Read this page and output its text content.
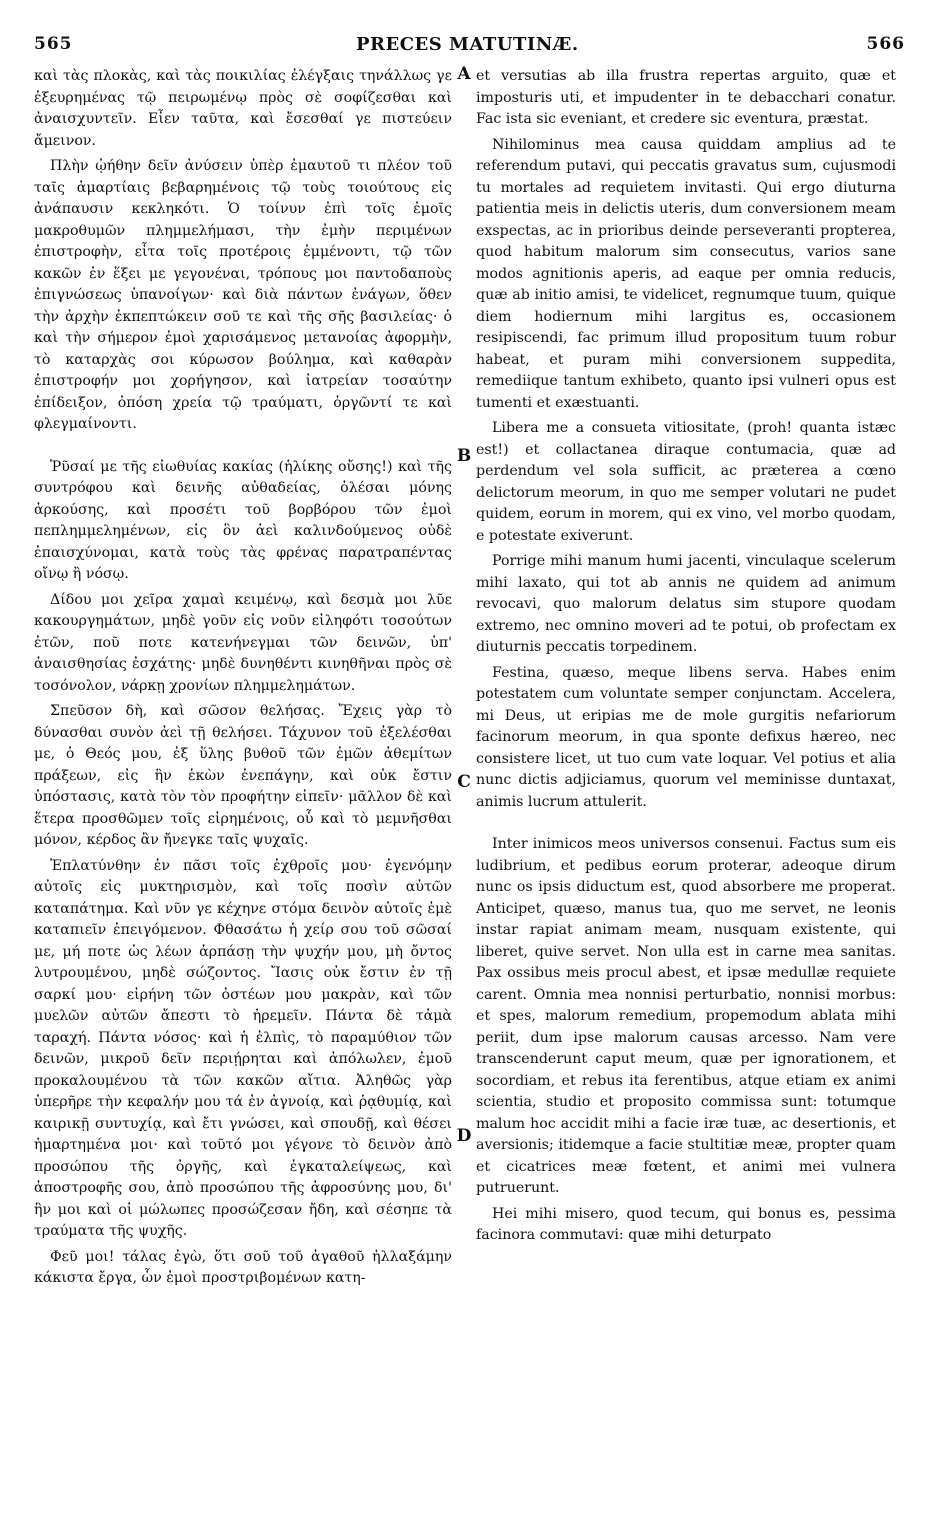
565	PRECES MATUTINÆ.	566

καὶ τὰς πλοκὰς, καὶ τὰς ποικιλίας ἐλέγξαις τηνάλλως γε ἐξευρημένας τῷ πειρωμένῳ πρὸς σὲ σοφίζεσθαι καὶ ἀναισχυντεῖν. Εἶεν ταῦτα, καὶ ἔσεσθαί γε πιστεύειν ἄμεινον.

Πλὴν ᾠήθην δεῖν ἀνύσειν ὑπὲρ ἐμαυτοῦ τι πλέον τοῦ ταῖς ἁμαρτίαις βεβαρημένοις τῷ τοὺς τοιούτους εἰς ἀνάπαυσιν κεκληκότι. Ὁ τοίνυν ἐπὶ τοῖς ἐμοῖς μακροθυμῶν πλημμελήμασι, τὴν ἐμὴν περιμένων ἐπιστροφὴν, εἶτα τοῖς προτέροις ἐμμένοντι, τῷ τῶν κακῶν ἐν ἕξει με γεγονέναι, τρόπους μοι παντοδαποὺς ἐπιγνώσεως ὑπανοίγων· καὶ διὰ πάντων ἐνάγων, ὅθεν τὴν ἀρχὴν ἐκπεπτώκειν σοῦ τε καὶ τῆς σῆς βασιλείας· ὁ καὶ τὴν σήμερον ἐμοὶ χαρισάμενος μετανοίας ἀφορμὴν, τὸ καταρχὰς σοι κύρωσον βούλημα, καὶ καθαρὰν ἐπιστροφήν μοι χορήγησον, καὶ ἰατρείαν τοσαύτην ἐπίδειξον, ὁπόση χρεία τῷ τραύματι, ὀργῶντί τε καὶ φλεγμαίνοντι.

Ῥῦσαί με τῆς εἰωθυίας κακίας (ἡλίκης οὔσης!) καὶ τῆς συντρόφου καὶ δεινῆς αὐθαδείας, ὀλέσαι μόνης ἀρκούσης, καὶ προσέτι τοῦ βορβόρου τῶν ἐμοὶ πεπλημμελημένων, εἰς ὃν ἀεὶ καλινδούμενος οὐδὲ ἐπαισχύνομαι, κατὰ τοὺς τὰς φρένας παρατραπέντας οἴνῳ ἢ νόσῳ.

Δίδου μοι χεῖρα χαμαὶ κειμένῳ, καὶ δεσμὰ μοι λῦε κακουργημάτων, μηδὲ γοῦν εἰς νοῦν εἰληφότι τοσούτων ἐτῶν, ποῦ ποτε κατενήνεγμαι τῶν δεινῶν, ὑπ' ἀναισθησίας ἐσχάτης· μηδὲ δυνηθέντι κινηθῆναι πρὸς σὲ τοσόνολον, νάρκῃ χρονίων πλημμελημάτων.

Σπεῦσον δὴ, καὶ σῶσον θελήσας. Ἔχεις γὰρ τὸ δύνασθαι συνὸν ἀεὶ τῇ θελήσει. Τάχυνον τοῦ ἐξελέσθαι με, ὁ Θεός μου, ἐξ ὕλης βυθοῦ τῶν ἐμῶν ἀθεμίτων πράξεων, εἰς ἣν ἑκὼν ἐνεπάγην, καὶ οὐκ ἔστιν ὑπόστασις, κατὰ τὸν τὸν προφήτην εἰπεῖν· μᾶλλον δὲ καὶ ἕτερα προσθῶμεν τοῖς εἰρημένοις, οὗ καὶ τὸ μεμνῆσθαι μόνον, κέρδος ἂν ἤνεγκε ταῖς ψυχαῖς.

Ἐπλατύνθην ἐν πᾶσι τοῖς ἐχθροῖς μου· ἐγενόμην αὐτοῖς εἰς μυκτηρισμὸν, καὶ τοῖς ποσὶν αὐτῶν καταπάτημα. Καὶ νῦν γε κέχηνε στόμα δεινὸν αὐτοῖς ἐμὲ καταπιεῖν ἐπειγόμενον. Φθασάτω ἡ χείρ σου τοῦ σῶσαί με, μή ποτε ὡς λέων ἁρπάσῃ τὴν ψυχήν μου, μὴ ὄντος λυτρουμένου, μηδὲ σώζοντος. Ἴασις οὐκ ἔστιν ἐν τῇ σαρκί μου· εἰρήνη τῶν ὀστέων μου μακρὰν, καὶ τῶν μυελῶν αὐτῶν ἄπεστι τὸ ἠρεμεῖν. Πάντα δὲ τἀμὰ ταραχή. Πάντα νόσος· καὶ ἡ ἐλπὶς, τὸ παραμύθιον τῶν δεινῶν, μικροῦ δεῖν περιῄρηται καὶ ἀπόλωλεν, ἐμοῦ προκαλουμένου τὰ τῶν κακῶν αἴτια. Ἀληθῶς γὰρ ὑπερῆρε τὴν κεφαλήν μου τά ἐν ἀγνοίᾳ, καὶ ῥᾳθυμίᾳ, καὶ καιρικῇ συντυχίᾳ, καὶ ἔτι γνώσει, καὶ σπουδῇ, καὶ θέσει ἡμαρτημένα μοι· καὶ τοῦτό μοι γέγονε τὸ δεινὸν ἀπὸ προσώπου τῆς ὀργῆς, καὶ ἐγκαταλείψεως, καὶ ἀποστροφῆς σου, ἀπὸ προσώπου τῆς ἀφροσύνης μου, δι' ἣν μοι καὶ οἱ μώλωπες προσώζεσαν ἤδη, καὶ σέσηπε τὰ τραύματα τῆς ψυχῆς.

Φεῦ μοι! τάλας ἐγὼ, ὅτι σοῦ τοῦ ἀγαθοῦ ἠλλαξάμην κάκιστα ἔργα, ὧν ἐμοὶ προστριβομένων κατη-

A
B
C
D

et versutias ab illa frustra repertas arguito, quæ et imposturis uti, et impudenter in te debacchari conatur. Fac ista sic eveniant, et credere sic eventura, præstat.

Nihilominus mea causa quiddam amplius ad te referendum putavi, qui peccatis gravatus sum, cujusmodi tu mortales ad requietem invitasti. Qui ergo diuturna patientia meis in delictis uteris, dum conversionem meam exspectas, ac in prioribus deinde perseveranti propterea, quod habitum malorum sim consecutus, varios sane modos agnitionis aperis, ad eaque per omnia reducis, quæ ab initio amisi, te videlicet, regnumque tuum, quique diem hodiernum mihi largitus es, occasionem resipiscendi, fac primum illud propositum tuum robur habeat, et puram mihi conversionem suppedita, remediique tantum exhibeto, quanto ipsi vulneri opus est tumenti et exæstuanti.

Libera me a consueta vitiositate, (proh! quanta istæc est!) et collactanea diraque contumacia, quæ ad perdendum vel sola sufficit, ac præterea a cœno delictorum meorum, in quo me semper volutari ne pudet quidem, eorum in morem, qui ex vino, vel morbo quodam, e potestate exiverunt.

Porrige mihi manum humi jacenti, vinculaque scelerum mihi laxato, qui tot ab annis ne quidem ad animum revocavi, quo malorum delatus sim stupore quodam extremo, nec omnino moveri ad te potui, ob profectam ex diuturnis peccatis torpedinem.

Festina, quæso, meque libens serva. Habes enim potestatem cum voluntate semper conjunctam. Accelera, mi Deus, ut eripias me de mole gurgitis nefariorum facinorum meorum, in qua sponte defixus hæreo, nec consistere licet, ut tuo cum vate loquar. Vel potius et alia nunc dictis adjiciamus, quorum vel meminisse duntaxat, animis lucrum attulerit.

Inter inimicos meos universos consenui. Factus sum eis ludibrium, et pedibus eorum proterar, adeoque dirum nunc os ipsis diductum est, quod absorbere me properat. Anticipet, quæso, manus tua, quo me servet, ne leonis instar rapiat animam meam, nusquam existente, qui liberet, quive servet. Non ulla est in carne mea sanitas. Pax ossibus meis procul abest, et ipsæ medullæ requiete carent. Omnia mea nonnisi perturbatio, nonnisi morbus: et spes, malorum remedium, propemodum ablata mihi periit, dum ipse malorum causas arcesso. Nam vere transcenderunt caput meum, quæ per ignorationem, et socordiam, et rebus ita ferentibus, atque etiam ex animi scientia, studio et proposito commissa sunt: totumque malum hoc accidit mihi a facie iræ tuæ, ac desertionis, et aversionis; itidemque a facie stultitiæ meæ, propter quam et cicatrices meæ fœtent, et animi mei vulnera putruerunt.

Hei mihi misero, quod tecum, qui bonus es, pessima facinora commutavi: quæ mihi deturpato
